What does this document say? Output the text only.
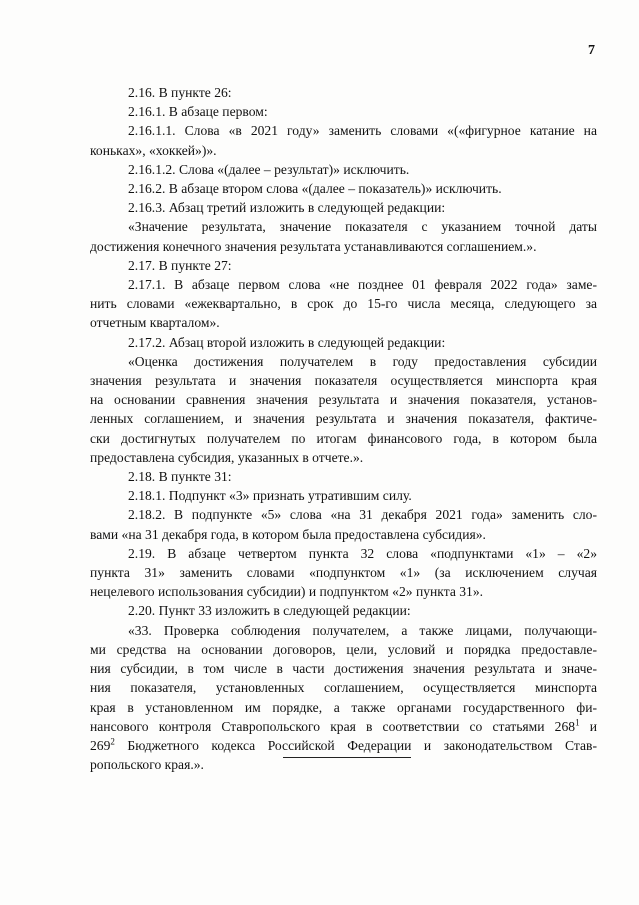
7
2.16. В пункте 26:
2.16.1. В абзаце первом:
2.16.1.1. Слова «в 2021 году» заменить словами «(«фигурное катание на
коньках», «хоккей»)».
2.16.1.2. Слова «(далее – результат)» исключить.
2.16.2. В абзаце втором слова «(далее – показатель)» исключить.
2.16.3. Абзац третий изложить в следующей редакции:
«Значение результата, значение показателя с указанием точной даты
достижения конечного значения результата устанавливаются соглашением.».
2.17. В пункте 27:
2.17.1. В абзаце первом слова «не позднее 01 февраля 2022 года» заме-
нить словами «ежеквартально, в срок до 15-го числа месяца, следующего за
отчетным кварталом».
2.17.2. Абзац второй изложить в следующей редакции:
«Оценка достижения получателем в году предоставления субсидии
значения результата и значения показателя осуществляется минспорта края
на основании сравнения значения результата и значения показателя, установ-
ленных соглашением, и значения результата и значения показателя, фактиче-
ски достигнутых получателем по итогам финансового года, в котором была
предоставлена субсидия, указанных в отчете.».
2.18. В пункте 31:
2.18.1. Подпункт «3» признать утратившим силу.
2.18.2. В подпункте «5» слова «на 31 декабря 2021 года» заменить сло-
вами «на 31 декабря года, в котором была предоставлена субсидия».
2.19. В абзаце четвертом пункта 32 слова «подпунктами «1» – «2»
пункта 31» заменить словами «подпунктом «1» (за исключением случая
нецелевого использования субсидии) и подпунктом «2» пункта 31».
2.20. Пункт 33 изложить в следующей редакции:
«33. Проверка соблюдения получателем, а также лицами, получающи-
ми средства на основании договоров, цели, условий и порядка предоставле-
ния субсидии, в том числе в части достижения значения результата и значе-
ния показателя, установленных соглашением, осуществляется минспорта
края в установленном им порядке, а также органами государственного фи-
нансового контроля Ставропольского края в соответствии со статьями $268^1$ и
$269^2$ Бюджетного кодекса Российской Федерации и законодательством Став-
ропольского края.».
